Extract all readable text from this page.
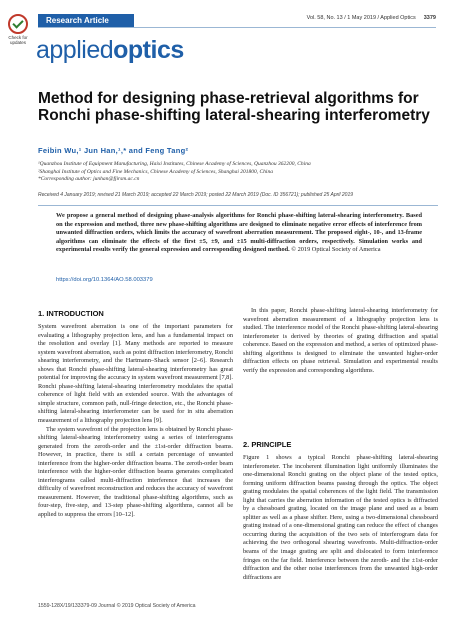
Check for updates
Research Article	Vol. 58, No. 13 / 1 May 2019 / Applied Optics 3379
appliedoptics
Method for designing phase-retrieval algorithms for Ronchi phase-shifting lateral-shearing interferometry
Feibin Wu,¹ Jun Han,¹,* and Feng Tang²
¹Quanzhou Institute of Equipment Manufacturing, Haixi Institutes, Chinese Academy of Sciences, Quanzhou 362200, China
²Shanghai Institute of Optics and Fine Mechanics, Chinese Academy of Sciences, Shanghai 201800, China
*Corresponding author: junhan@fjirsm.ac.cn
Received 4 January 2019; revised 21 March 2019; accepted 22 March 2019; posted 22 March 2019 (Doc. ID 356721); published 25 April 2019
We propose a general method of designing phase-analysis algorithms for Ronchi phase-shifting lateral-shearing interferometry. Based on the expression and method, three new phase-shifting algorithms are designed to eliminate negative error effects of interference from unwanted diffraction orders, which limits the accuracy of wavefront aberration measurement. The proposed eight-, 10-, and 13-frame algorithms can eliminate the effects of the first ±5, ±9, and ±15 multi-diffraction orders, respectively. Simulation works and experimental results verify the general expression and corresponding designed method. © 2019 Optical Society of America
https://doi.org/10.1364/AO.58.003379
1. INTRODUCTION

System wavefront aberration is one of the important parameters for evaluating a lithography projection lens, and has a fundamental impact on the resolution and overlay [1]. Many methods are reported to measure system wavefront aberration, such as point diffraction interferometry, Ronchi shearing interferometry, and the Hartmann–Shack sensor [2–6]. Research shows that Ronchi phase-shifting lateral-shearing interferometry has great potential for improving the accuracy in system wavefront measurement [7,8]. Ronchi phase-shifting lateral-shearing interferometry modulates the spatial coherence of light field with an extended source. With the advantages of simple structure, common path, null-fringe detection, etc., the Ronchi phase-shifting lateral-shearing interferometer can be used for in situ aberration measurement of a lithography projection lens [9].

The system wavefront of the projection lens is obtained by Ronchi phase-shifting lateral-shearing interferometry using a series of interferograms generated from the zeroth-order and the ±1st-order diffraction beams. However, in practice, there is still a certain percentage of unwanted interference from the higher-order diffraction beams. The zeroth-order beam interference with the higher-order diffraction beams generates complicated interferograms called multi-diffraction interference that increases the difficulty of wavefront reconstruction and reduces the accuracy of wavefront measurement. However, the traditional phase-shifting algorithms, such as four-step, five-step, and 13-step phase-shifting algorithms, cannot all be applied to suppress the errors [10–12].

In this paper, Ronchi phase-shifting lateral-shearing interferometry for wavefront aberration measurement of a lithography projection lens is studied. The interference model of the Ronchi phase-shifting lateral-shearing interferometer is derived by theories of grating diffraction and spatial coherence. Based on the expression and method, a series of optimized phase-shifting algorithms is designed to eliminate the unwanted higher-order diffraction effects on phase retrieval. Simulation and experimental results verify the expression and corresponding algorithms.

2. PRINCIPLE

Figure 1 shows a typical Ronchi phase-shifting lateral-shearing interferometer. The incoherent illumination light uniformly illuminates the one-dimensional Ronchi grating on the object plane of the tested optics, forming uniform diffraction beams passing through the optics. The object grating modulates the spatial coherences of the light field. The transmission light that carries the aberration information of the tested optics is diffracted by a chessboard grating, located on the image plane and used as a beam splitter as well as a phase shifter. Here, using a two-dimensional chessboard grating instead of a one-dimensional grating can reduce the effect of changes occurring during the acquisition of the two sets of interferogram data for achieving the two orthogonal shearing wavefronts. Multi-diffraction-order beams of the image grating are split and dislocated to form interference fringes on the far field. Interference between the zeroth- and the ±1st-order diffraction and the other noise interferences from the unwanted high-order diffractions are

1559-128X/19/133379-09 Journal © 2019 Optical Society of America
